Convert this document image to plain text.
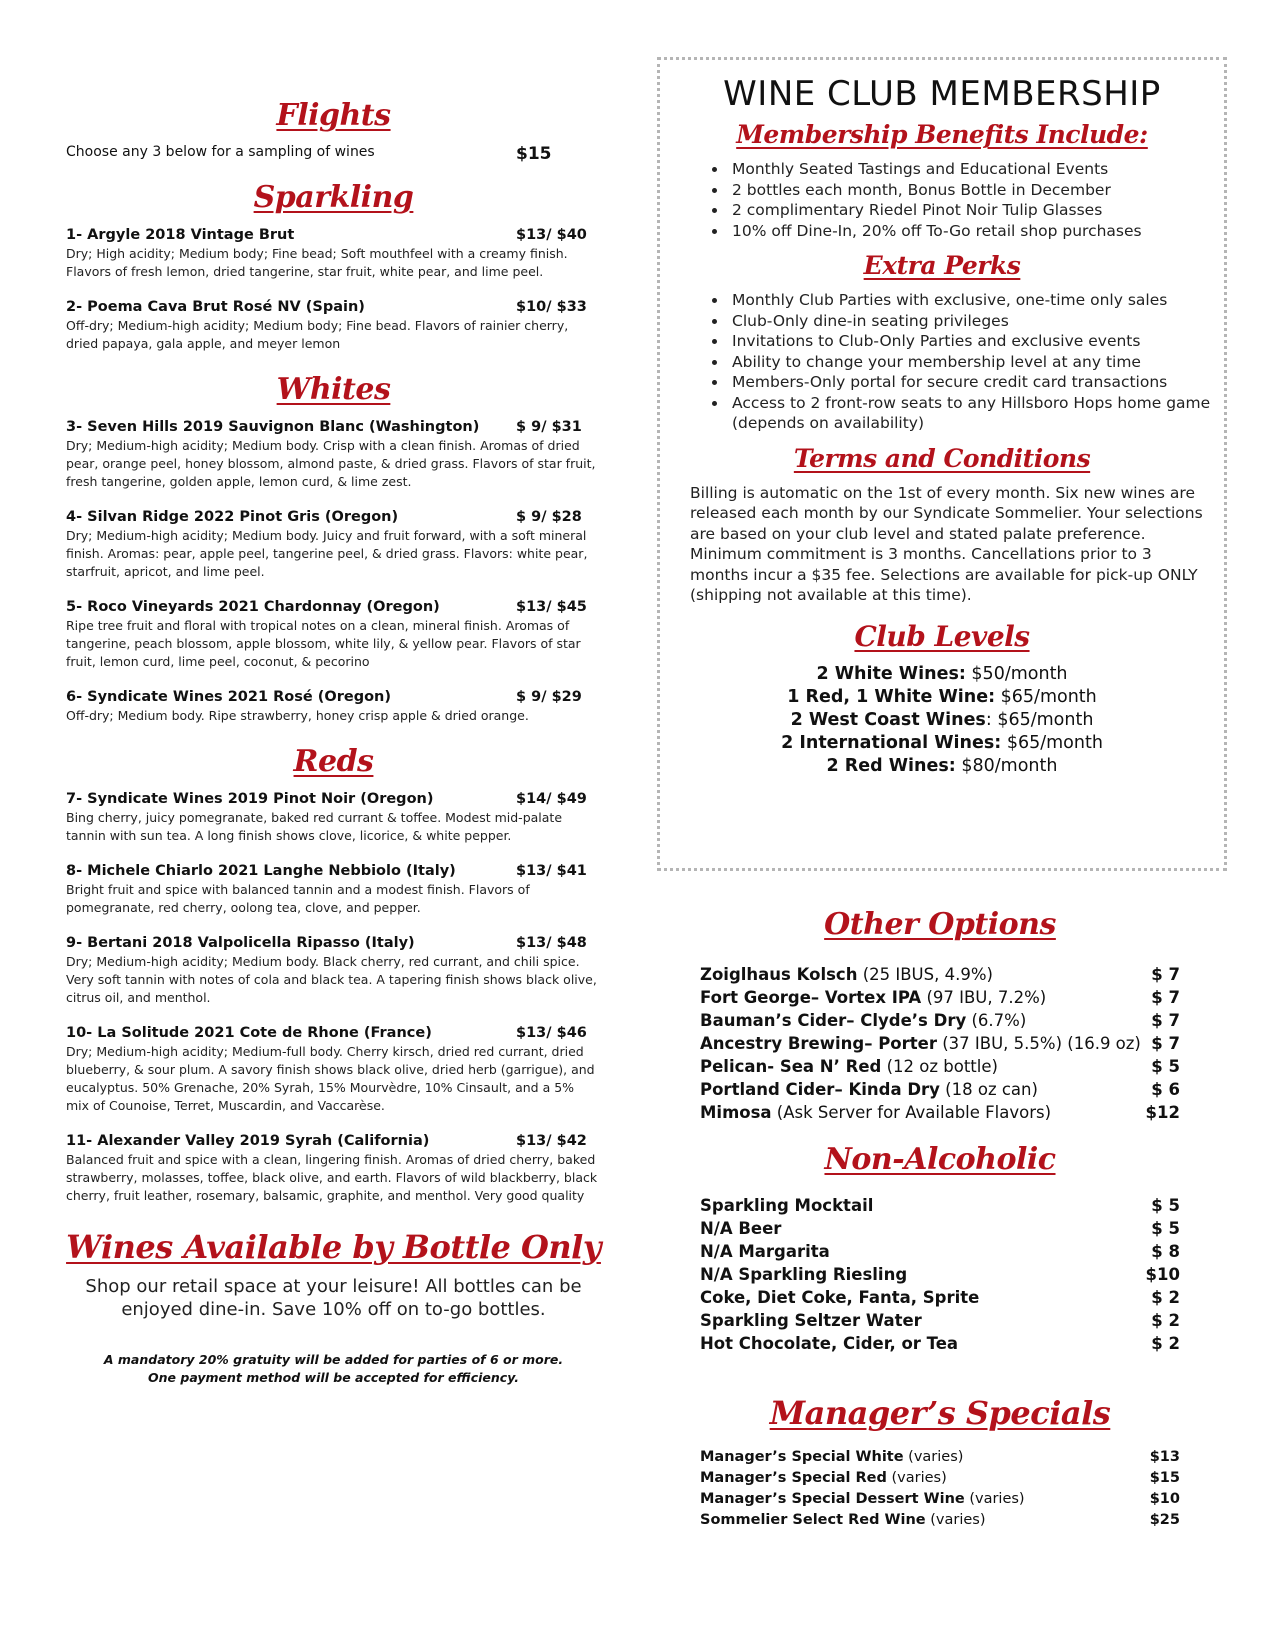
Flights
Choose any 3 below for a sampling of wines	$15
Sparkling
1- Argyle 2018 Vintage Brut	$13/ $40
Dry; High acidity; Medium body; Fine bead; Soft mouthfeel with a creamy finish. Flavors of fresh lemon, dried tangerine, star fruit, white pear, and lime peel.
2- Poema Cava Brut Rosé NV (Spain)	$10/ $33
Off-dry; Medium-high acidity; Medium body; Fine bead. Flavors of rainier cherry, dried papaya, gala apple, and meyer lemon
Whites
3- Seven Hills 2019 Sauvignon Blanc (Washington)	$ 9/ $31
Dry; Medium-high acidity; Medium body. Crisp with a clean finish. Aromas of dried pear, orange peel, honey blossom, almond paste, & dried grass. Flavors of star fruit, fresh tangerine, golden apple, lemon curd, & lime zest.
4- Silvan Ridge 2022 Pinot Gris (Oregon)	$ 9/ $28
Dry; Medium-high acidity; Medium body. Juicy and fruit forward, with a soft mineral finish. Aromas: pear, apple peel, tangerine peel, & dried grass. Flavors: white pear, starfruit, apricot, and lime peel.
5- Roco Vineyards 2021 Chardonnay (Oregon)	$13/ $45
Ripe tree fruit and floral with tropical notes on a clean, mineral finish. Aromas of tangerine, peach blossom, apple blossom, white lily, & yellow pear. Flavors of star fruit, lemon curd, lime peel, coconut, & pecorino
6- Syndicate Wines 2021 Rosé (Oregon)	$ 9/ $29
Off-dry; Medium body. Ripe strawberry, honey crisp apple & dried orange.
Reds
7- Syndicate Wines 2019 Pinot Noir (Oregon)	$14/ $49
Bing cherry, juicy pomegranate, baked red currant & toffee. Modest mid-palate tannin with sun tea. A long finish shows clove, licorice, & white pepper.
8- Michele Chiarlo 2021 Langhe Nebbiolo (Italy)	$13/ $41
Bright fruit and spice with balanced tannin and a modest finish. Flavors of pomegranate, red cherry, oolong tea, clove, and pepper.
9- Bertani 2018 Valpolicella Ripasso (Italy)	$13/ $48
Dry; Medium-high acidity; Medium body. Black cherry, red currant, and chili spice. Very soft tannin with notes of cola and black tea. A tapering finish shows black olive, citrus oil, and menthol.
10- La Solitude 2021 Cote de Rhone (France)	$13/ $46
Dry; Medium-high acidity; Medium-full body. Cherry kirsch, dried red currant, dried blueberry, & sour plum. A savory finish shows black olive, dried herb (garrigue), and eucalyptus. 50% Grenache, 20% Syrah, 15% Mourvèdre, 10% Cinsault, and a 5% mix of Counoise, Terret, Muscardin, and Vaccarèse.
11- Alexander Valley 2019 Syrah (California)	$13/ $42
Balanced fruit and spice with a clean, lingering finish. Aromas of dried cherry, baked strawberry, molasses, toffee, black olive, and earth. Flavors of wild blackberry, black cherry, fruit leather, rosemary, balsamic, graphite, and menthol. Very good quality
Wines Available by Bottle Only
Shop our retail space at your leisure! All bottles can be enjoyed dine-in. Save 10% off on to-go bottles.
A mandatory 20% gratuity will be added for parties of 6 or more.
One payment method will be accepted for efficiency.
WINE CLUB MEMBERSHIP
Membership Benefits Include:
• Monthly Seated Tastings and Educational Events
• 2 bottles each month, Bonus Bottle in December
• 2 complimentary Riedel Pinot Noir Tulip Glasses
• 10% off Dine-In, 20% off To-Go retail shop purchases
Extra Perks
• Monthly Club Parties with exclusive, one-time only sales
• Club-Only dine-in seating privileges
• Invitations to Club-Only Parties and exclusive events
• Ability to change your membership level at any time
• Members-Only portal for secure credit card transactions
• Access to 2 front-row seats to any Hillsboro Hops home game (depends on availability)
Terms and Conditions
Billing is automatic on the 1st of every month. Six new wines are released each month by our Syndicate Sommelier. Your selections are based on your club level and stated palate preference. Minimum commitment is 3 months. Cancellations prior to 3 months incur a $35 fee. Selections are available for pick-up ONLY (shipping not available at this time).
Club Levels
2 White Wines: $50/month
1 Red, 1 White Wine: $65/month
2 West Coast Wines: $65/month
2 International Wines: $65/month
2 Red Wines: $80/month
Other Options
Zoiglhaus Kolsch (25 IBUS, 4.9%)	$ 7
Fort George– Vortex IPA (97 IBU, 7.2%)	$ 7
Bauman’s Cider– Clyde’s Dry (6.7%)	$ 7
Ancestry Brewing– Porter (37 IBU, 5.5%) (16.9 oz) $ 7
Pelican- Sea N’ Red (12 oz bottle)	$ 5
Portland Cider– Kinda Dry (18 oz can)	$ 6
Mimosa (Ask Server for Available Flavors)	$12
Non-Alcoholic
Sparkling Mocktail	$ 5
N/A Beer	$ 5
N/A Margarita	$ 8
N/A Sparkling Riesling	$10
Coke, Diet Coke, Fanta, Sprite	$ 2
Sparkling Seltzer Water	$ 2
Hot Chocolate, Cider, or Tea	$ 2
Manager’s Specials
Manager’s Special White (varies)	$13
Manager’s Special Red (varies)	$15
Manager’s Special Dessert Wine (varies)	$10
Sommelier Select Red Wine (varies)	$25
